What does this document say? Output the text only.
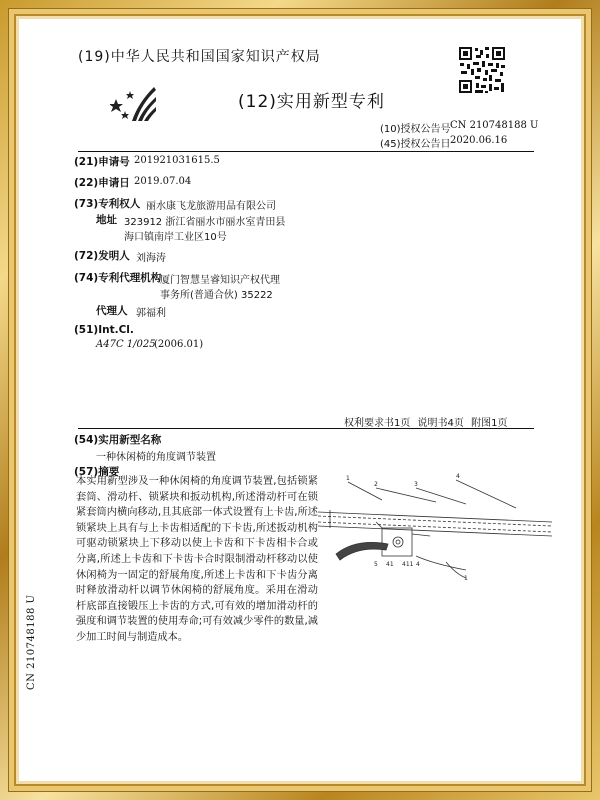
(19)中华人民共和国国家知识产权局
(12)实用新型专利
(10)授权公告号 CN 210748188 U
(45)授权公告日 2020.06.16
(21)申请号 201921031615.5
(22)申请日 2019.07.04
(73)专利权人 丽水康飞龙旅游用品有限公司
地址 323912 浙江省丽水市丽水室青田县
海口镇南岸工业区10号
(72)发明人 刘海涛
(74)专利代理机构
厦门智慧呈睿知识产权代理
事务所(普通合伙) 35222
代理人 郭福利
(51)Int.Cl.
A47C 1/025
(2006.01)
权利要求书1页 说明书4页 附图1页
(54)实用新型名称
一种休闲椅的角度调节装置
(57)摘要
本实用新型涉及一种休闲椅的角度调节装置,包括锁紧套筒、滑动杆、锁紧块和扳动机构,所述滑动杆可在锁紧套筒内横向移动,且其底部一体式设置有上卡齿,所述锁紧块上具有与上卡齿相适配的下卡齿,所述扳动机构可驱动锁紧块上下移动以使上卡齿和下卡齿相卡合或分离,所述上卡齿和下卡齿卡合时限制滑动杆移动以使休闲椅为一固定的舒展角度,所述上卡齿和下卡齿分离时释放滑动杆以调节休闲椅的舒展角度。采用在滑动杆底部直接锻压上卡齿的方式,可有效的增加滑动杆的强度和调节装置的使用寿命;可有效减少零件的数量,减少加工时间与制造成本。
1
2	3
4
41
5	411 4
1
CN 210748188 U
